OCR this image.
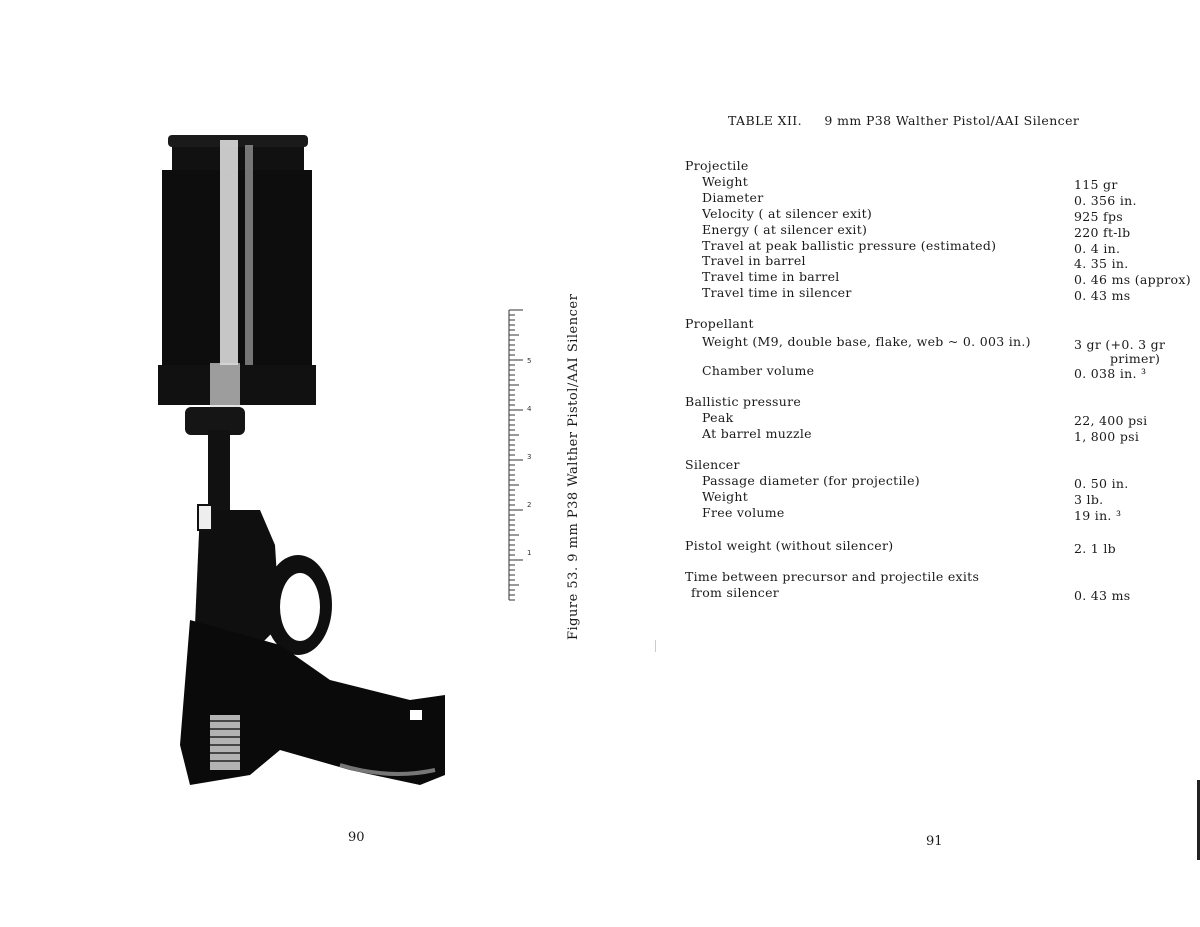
1
2
3
4
5	Figure 53. 9 mm P38 Walther Pistol/AAI Silencer
90
TABLE XII. 9 mm P38 Walther Pistol/AAI Silencer
Projectile
Weight	115 gr
Diameter	0. 356 in.
Velocity ( at silencer exit)	925 fps
Energy ( at silencer exit)	220 ft-lb
Travel at peak ballistic pressure (estimated)	0. 4 in.
Travel in barrel	4. 35 in.
Travel time in barrel	0. 46 ms (approx)
Travel time in silencer	0. 43 ms
Propellant
Weight (M9, double base, flake, web ~ 0. 003 in.)	3 gr (+0. 3 gr
primer)
Chamber volume	0. 038 in. ³
Ballistic pressure
Peak	22, 400 psi
At barrel muzzle	1, 800 psi
Silencer
Passage diameter (for projectile)	0. 50 in.
Weight	3 lb.
Free volume	19 in. ³
Pistol weight (without silencer)	2. 1 lb
Time between precursor and projectile exits
from silencer	0. 43 ms
91
